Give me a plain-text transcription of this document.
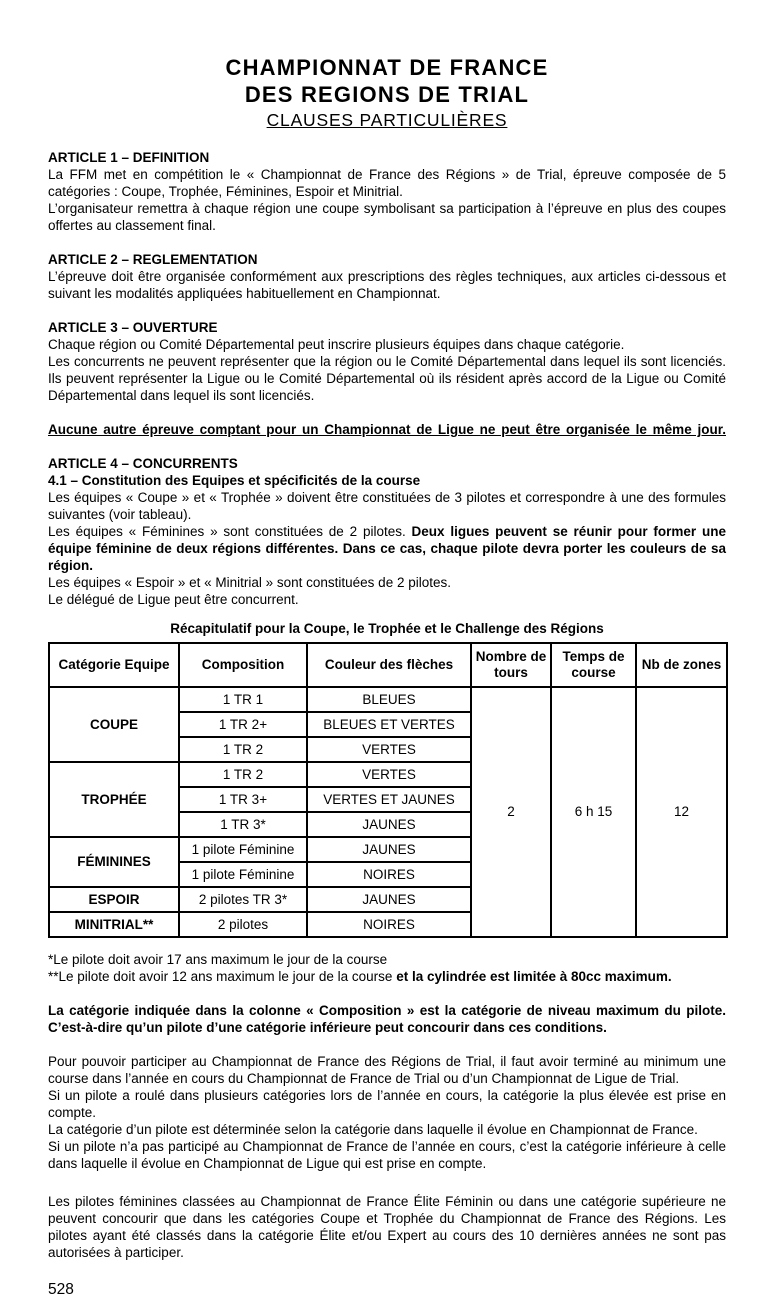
CHAMPIONNAT DE FRANCE
DES REGIONS DE TRIAL
CLAUSES PARTICULIÈRES
ARTICLE 1 – DEFINITION

La FFM met en compétition le « Championnat de France des Régions » de Trial, épreuve composée de 5 catégories : Coupe, Trophée, Féminines, Espoir et Minitrial.

L’organisateur remettra à chaque région une coupe symbolisant sa participation à l’épreuve en plus des coupes offertes au classement final.

ARTICLE 2 – REGLEMENTATION

L’épreuve doit être organisée conformément aux prescriptions des règles techniques, aux articles ci-dessous et suivant les modalités appliquées habituellement en Championnat.

ARTICLE 3 – OUVERTURE

Chaque région ou Comité Départemental peut inscrire plusieurs équipes dans chaque catégorie.

Les concurrents ne peuvent représenter que la région ou le Comité Départemental dans lequel ils sont licenciés. Ils peuvent représenter la Ligue ou le Comité Départemental où ils résident après accord de la Ligue ou Comité Départemental dans lequel ils sont licenciés.

Aucune autre épreuve comptant pour un Championnat de Ligue ne peut être organisée le même jour.

ARTICLE 4 – CONCURRENTS
4.1 – Constitution des Equipes et spécificités de la course

Les équipes « Coupe » et « Trophée » doivent être constituées de 3 pilotes et correspondre à une des formules suivantes (voir tableau).

Les équipes « Féminines » sont constituées de 2 pilotes. Deux ligues peuvent se réunir pour former une équipe féminine de deux régions différentes. Dans ce cas, chaque pilote devra porter les couleurs de sa région.

Les équipes « Espoir » et « Minitrial » sont constituées de 2 pilotes.

Le délégué de Ligue peut être concurrent.

Récapitulatif pour la Coupe, le Trophée et le Challenge des Régions
Catégorie Equipe	Composition	Couleur des flèches	Nombre de tours	Temps de course	Nb de zones
COUPE	1 TR 1	BLEUES	2	6 h 15	12
	1 TR 2+	BLEUES ET VERTES			
	1 TR 2	VERTES			
TROPHÉE	1 TR 2	VERTES			
	1 TR 3+	VERTES ET JAUNES			
	1 TR 3*	JAUNES			
FÉMININES	1 pilote Féminine	JAUNES			
	1 pilote Féminine	NOIRES			
ESPOIR	2 pilotes TR 3*	JAUNES			
MINITRIAL**	2 pilotes	NOIRES			

*Le pilote doit avoir 17 ans maximum le jour de la course

**Le pilote doit avoir 12 ans maximum le jour de la course et la cylindrée est limitée à 80cc maximum.

La catégorie indiquée dans la colonne « Composition » est la catégorie de niveau maximum du pilote. C’est-à-dire qu’un pilote d’une catégorie inférieure peut concourir dans ces conditions.

Pour pouvoir participer au Championnat de France des Régions de Trial, il faut avoir terminé au minimum une course dans l’année en cours du Championnat de France de Trial ou d’un Championnat de Ligue de Trial.

Si un pilote a roulé dans plusieurs catégories lors de l’année en cours, la catégorie la plus élevée est prise en compte.

La catégorie d’un pilote est déterminée selon la catégorie dans laquelle il évolue en Championnat de France.

Si un pilote n’a pas participé au Championnat de France de l’année en cours, c’est la catégorie inférieure à celle dans laquelle il évolue en Championnat de Ligue qui est prise en compte.

Les pilotes féminines classées au Championnat de France Élite Féminin ou dans une catégorie supérieure ne peuvent concourir que dans les catégories Coupe et Trophée du Championnat de France des Régions. Les pilotes ayant été classés dans la catégorie Élite et/ou Expert au cours des 10 dernières années ne sont pas autorisées à participer.

528
